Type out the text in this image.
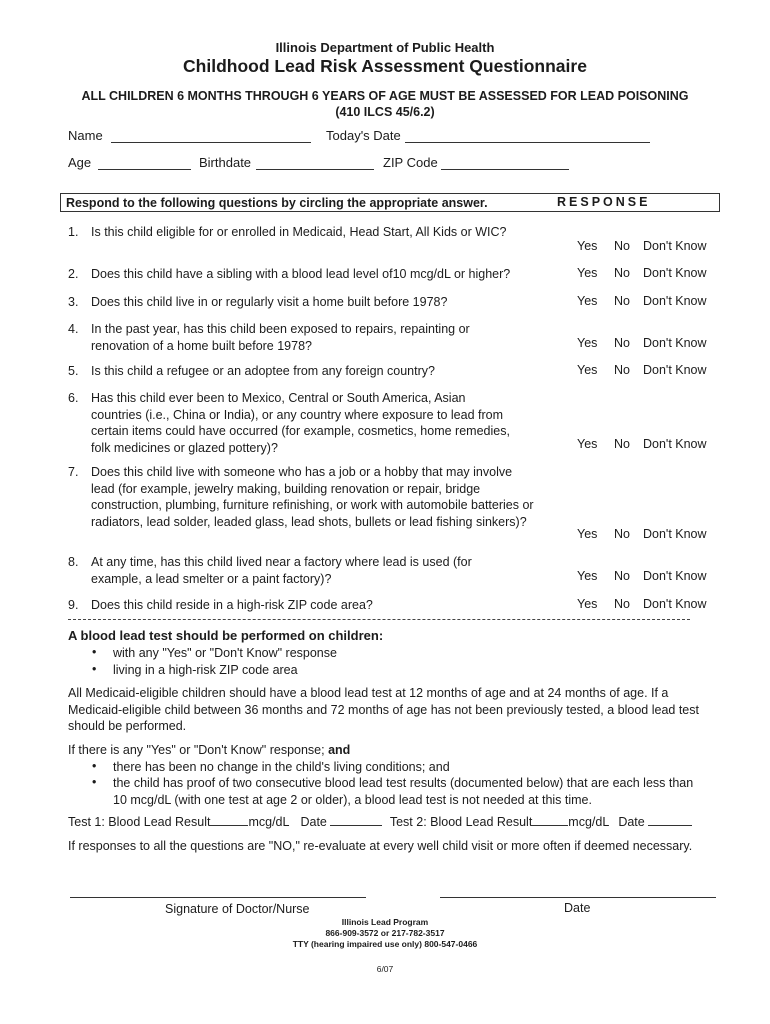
Illinois Department of Public Health
Childhood Lead Risk Assessment Questionnaire
ALL CHILDREN 6 MONTHS THROUGH 6 YEARS OF AGE MUST BE ASSESSED FOR LEAD POISONING
(410 ILCS 45/6.2)
Name	Today's Date
Age	Birthdate	ZIP Code
Respond to the following questions by circling the appropriate answer.	RESPONSE
1. Is this child eligible for or enrolled in Medicaid, Head Start, All Kids or WIC?
Yes No Don't Know
2. Does this child have a sibling with a blood lead level of10 mcg/dL or higher?	Yes No Don't Know
3. Does this child live in or regularly visit a home built before 1978?	Yes No Don't Know
4. In the past year, has this child been exposed to repairs, repainting or renovation of a home built before 1978?	Yes No Don't Know
5. Is this child a refugee or an adoptee from any foreign country?	Yes No Don't Know
6. Has this child ever been to Mexico, Central or South America, Asian countries (i.e., China or India), or any country where exposure to lead from certain items could have occurred (for example, cosmetics, home remedies, folk medicines or glazed pottery)?	Yes No Don't Know
7. Does this child live with someone who has a job or a hobby that may involve lead (for example, jewelry making, building renovation or repair, bridge construction, plumbing, furniture refinishing, or work with automobile batteries or radiators, lead solder, leaded glass, lead shots, bullets or lead fishing sinkers)?
Yes No Don't Know
8. At any time, has this child lived near a factory where lead is used (for example, a lead smelter or a paint factory)?	Yes No Don't Know
9. Does this child reside in a high-risk ZIP code area?	Yes No Don't Know
A blood lead test should be performed on children:
• with any "Yes" or "Don't Know" response
• living in a high-risk ZIP code area
All Medicaid-eligible children should have a blood lead test at 12 months of age and at 24 months of age. If a Medicaid-eligible child between 36 months and 72 months of age has not been previously tested, a blood lead test should be performed.
If there is any "Yes" or "Don't Know" response; and
• there has been no change in the child's living conditions; and
• the child has proof of two consecutive blood lead test results (documented below) that are each less than 10 mcg/dL (with one test at age 2 or older), a blood lead test is not needed at this time.
Test 1: Blood Lead Result	mcg/dL Date	Test 2: Blood Lead Result	mcg/dL Date
If responses to all the questions are "NO," re-evaluate at every well child visit or more often if deemed necessary.
Signature of Doctor/Nurse	Date
Illinois Lead Program
866-909-3572 or 217-782-3517
TTY (hearing impaired use only) 800-547-0466
6/07
